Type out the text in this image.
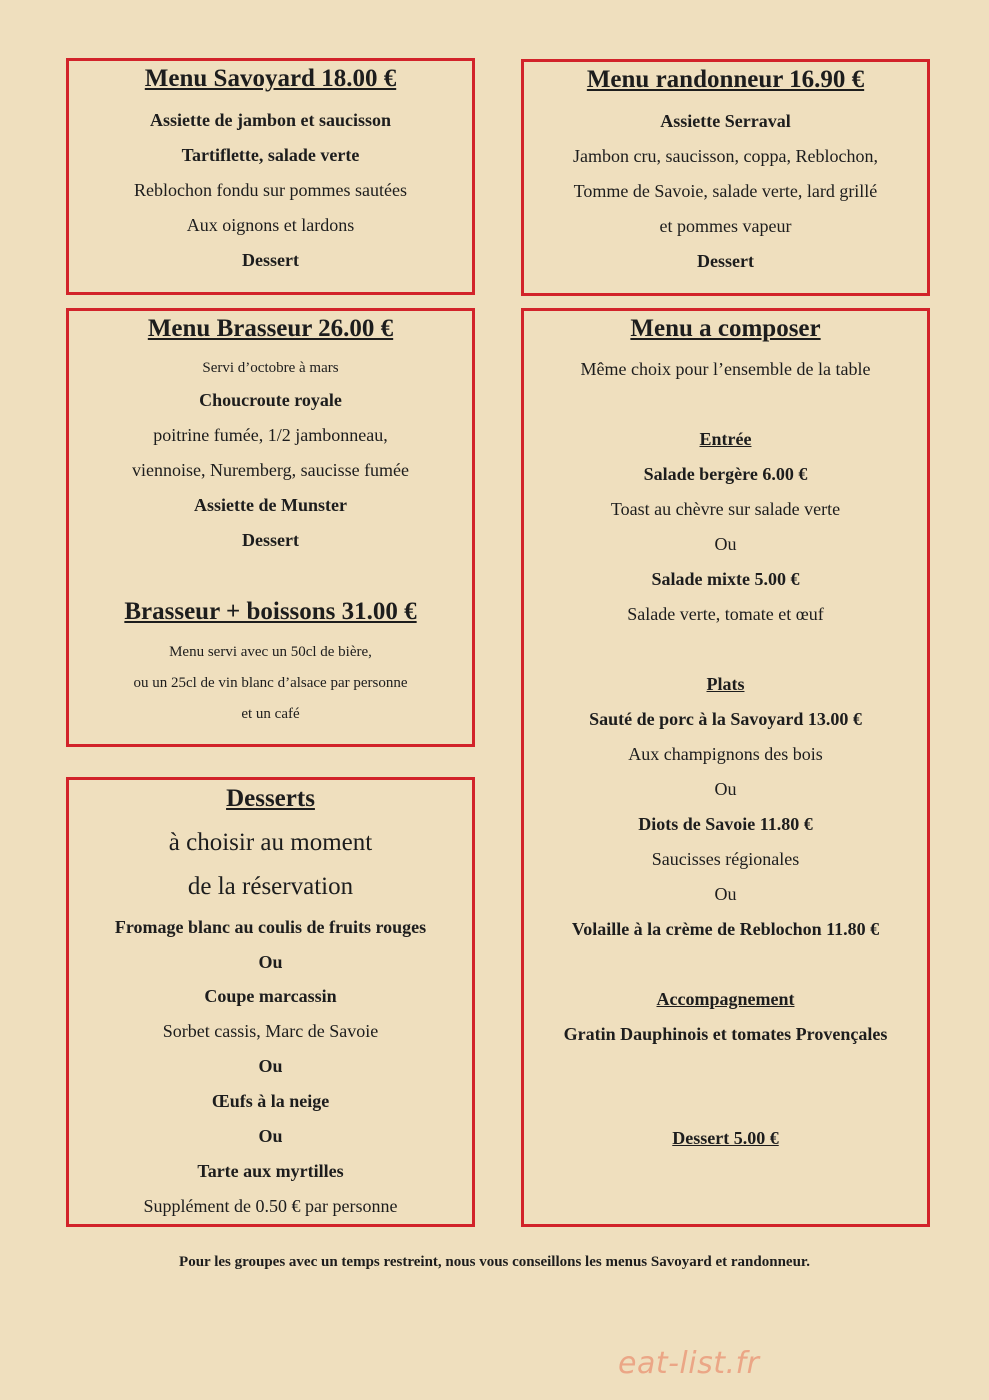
Menu Savoyard 18.00 €
Assiette de jambon et saucisson
Tartiflette, salade verte
Reblochon fondu sur pommes sautées
Aux oignons et lardons
Dessert
Menu randonneur 16.90 €
Assiette Serraval
Jambon cru, saucisson, coppa, Reblochon,
Tomme de Savoie, salade verte, lard grillé
et pommes vapeur
Dessert
Menu Brasseur 26.00 €
Servi d’octobre à mars
Choucroute royale
poitrine fumée, 1/2 jambonneau,
viennoise, Nuremberg, saucisse fumée
Assiette de Munster
Dessert
Brasseur + boissons 31.00 €
Menu servi avec un 50cl de bière,
ou un 25cl de vin blanc d’alsace par personne
et un café
Menu a composer
Même choix pour l’ensemble de la table
Entrée
Salade bergère 6.00 €
Toast au chèvre sur salade verte
Ou
Salade mixte 5.00 €
Salade verte, tomate et œuf
Plats
Sauté de porc à la Savoyard 13.00 €
Aux champignons des bois
Ou
Diots de Savoie 11.80 €
Saucisses régionales
Ou
Volaille à la crème de Reblochon 11.80 €
Accompagnement
Gratin Dauphinois et tomates Provençales
Dessert 5.00 €
Desserts
à choisir au moment
de la réservation
Fromage blanc au coulis de fruits rouges
Ou
Coupe marcassin
Sorbet cassis, Marc de Savoie
Ou
Œufs à la neige
Ou
Tarte aux myrtilles
Supplément de 0.50 € par personne
Pour les groupes avec un temps restreint, nous vous conseillons les menus Savoyard et randonneur.
eat-list.fr
